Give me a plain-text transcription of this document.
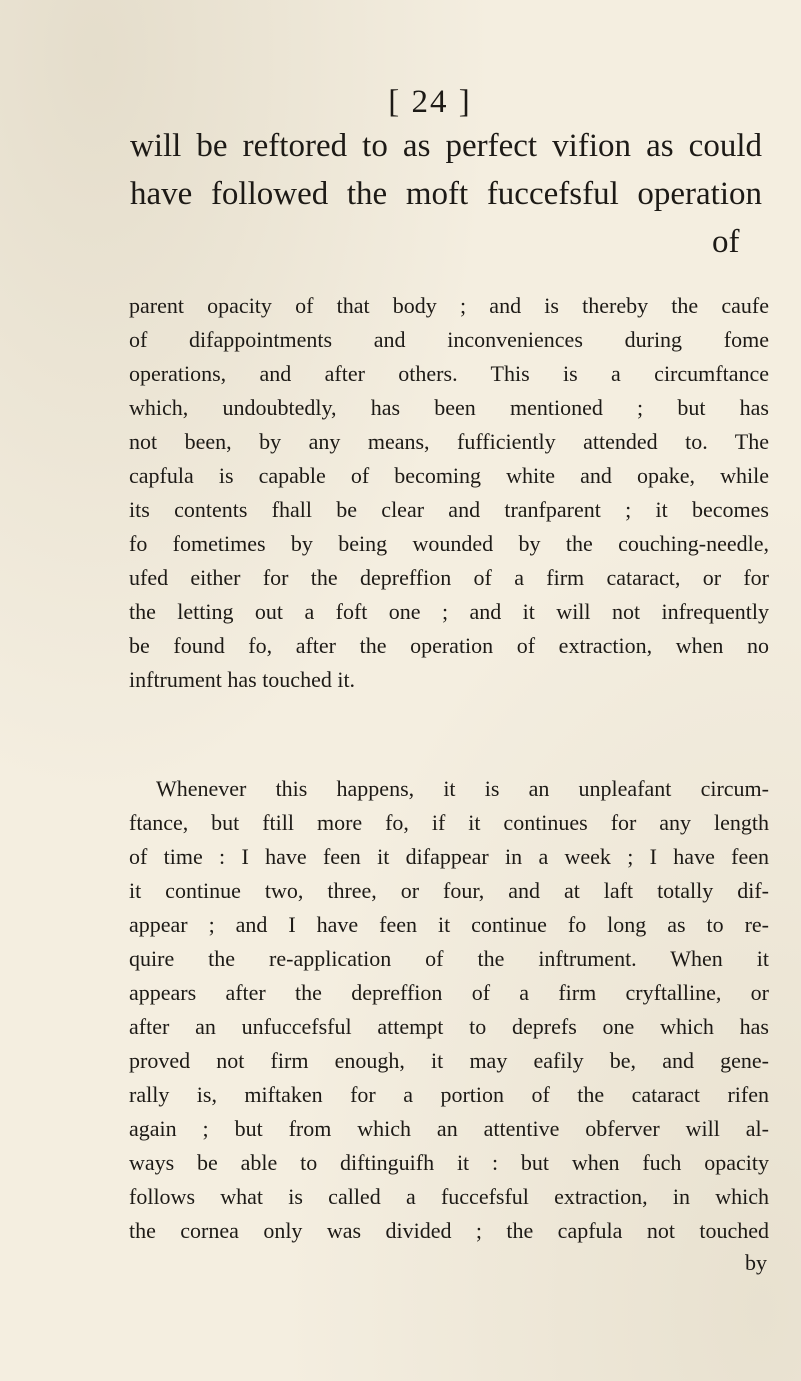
[ 24 ]
will be reftored to as perfect vifion as could
have followed the moft fuccefsful operation
of
parent opacity of that body ; and is thereby the caufe
of difappointments and inconveniences during fome
operations, and after others. This is a circumftance
which, undoubtedly, has been mentioned ; but has
not been, by any means, fufficiently attended to. The
capfula is capable of becoming white and opake, while
its contents fhall be clear and tranfparent ; it becomes
fo fometimes by being wounded by the couching-needle,
ufed either for the depreffion of a firm cataract, or for
the letting out a foft one ; and it will not infrequently
be found fo, after the operation of extraction, when no
inftrument has touched it.
Whenever this happens, it is an unpleafant circum-
ftance, but ftill more fo, if it continues for any length
of time : I have feen it difappear in a week ; I have feen
it continue two, three, or four, and at laft totally dif-
appear ; and I have feen it continue fo long as to re-
quire the re-application of the inftrument. When it
appears after the depreffion of a firm cryftalline, or
after an unfuccefsful attempt to deprefs one which has
proved not firm enough, it may eafily be, and gene-
rally is, miftaken for a portion of the cataract rifen
again ; but from which an attentive obferver will al-
ways be able to diftinguifh it : but when fuch opacity
follows what is called a fuccefsful extraction, in which
the cornea only was divided ; the capfula not touched
by
